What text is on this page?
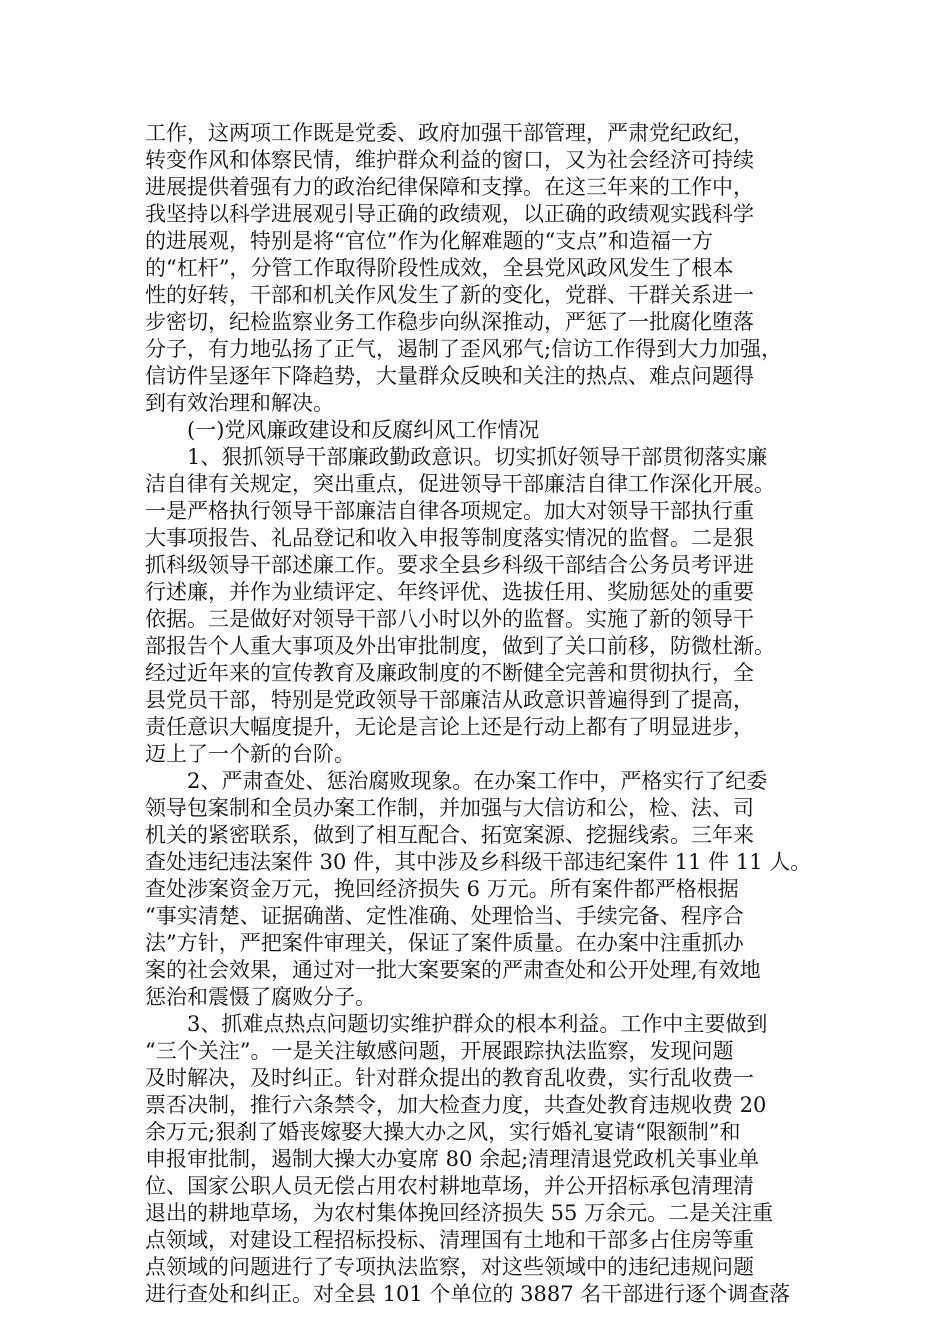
工作，这两项工作既是党委、政府加强干部管理，严肃党纪政纪，
转变作风和体察民情，维护群众利益的窗口，又为社会经济可持续
进展提供着强有力的政治纪律保障和支撑。在这三年来的工作中，
我坚持以科学进展观引导正确的政绩观，以正确的政绩观实践科学
的进展观，特别是将“官位”作为化解难题的“支点”和造福一方
的“杠杆”，分管工作取得阶段性成效，全县党风政风发生了根本
性的好转，干部和机关作风发生了新的变化，党群、干群关系进一
步密切，纪检监察业务工作稳步向纵深推动，严惩了一批腐化堕落
分子，有力地弘扬了正气，遏制了歪风邪气;信访工作得到大力加强，
信访件呈逐年下降趋势，大量群众反映和关注的热点、难点问题得
到有效治理和解决。
(一)党风廉政建设和反腐纠风工作情况
1、狠抓领导干部廉政勤政意识。切实抓好领导干部贯彻落实廉
洁自律有关规定，突出重点，促进领导干部廉洁自律工作深化开展。
一是严格执行领导干部廉洁自律各项规定。加大对领导干部执行重
大事项报告、礼品登记和收入申报等制度落实情况的监督。二是狠
抓科级领导干部述廉工作。要求全县乡科级干部结合公务员考评进
行述廉，并作为业绩评定、年终评优、选拔任用、奖励惩处的重要
依据。三是做好对领导干部八小时以外的监督。实施了新的领导干
部报告个人重大事项及外出审批制度，做到了关口前移，防微杜渐。
经过近年来的宣传教育及廉政制度的不断健全完善和贯彻执行，全
县党员干部，特别是党政领导干部廉洁从政意识普遍得到了提高，
责任意识大幅度提升，无论是言论上还是行动上都有了明显进步，
迈上了一个新的台阶。
2、严肃查处、惩治腐败现象。在办案工作中，严格实行了纪委
领导包案制和全员办案工作制，并加强与大信访和公，检、法、司
机关的紧密联系，做到了相互配合、拓宽案源、挖掘线索。三年来
查处违纪违法案件 30 件，其中涉及乡科级干部违纪案件 11 件 11 人。
查处涉案资金万元，挽回经济损失 6 万元。所有案件都严格根据
“事实清楚、证据确凿、定性准确、处理恰当、手续完备、程序合
法”方针，严把案件审理关，保证了案件质量。在办案中注重抓办
案的社会效果，通过对一批大案要案的严肃查处和公开处理,有效地
惩治和震慑了腐败分子。
3、抓难点热点问题切实维护群众的根本利益。工作中主要做到
“三个关注”。一是关注敏感问题，开展跟踪执法监察，发现问题
及时解决，及时纠正。针对群众提出的教育乱收费，实行乱收费一
票否决制，推行六条禁令，加大检查力度，共查处教育违规收费 20
余万元;狠刹了婚丧嫁娶大操大办之风，实行婚礼宴请“限额制”和
申报审批制，遏制大操大办宴席 80 余起;清理清退党政机关事业单
位、国家公职人员无偿占用农村耕地草场，并公开招标承包清理清
退出的耕地草场，为农村集体挽回经济损失 55 万余元。二是关注重
点领域，对建设工程招标投标、清理国有土地和干部多占住房等重
点领域的问题进行了专项执法监察，对这些领域中的违纪违规问题
进行查处和纠正。对全县 101 个单位的 3887 名干部进行逐个调查落
